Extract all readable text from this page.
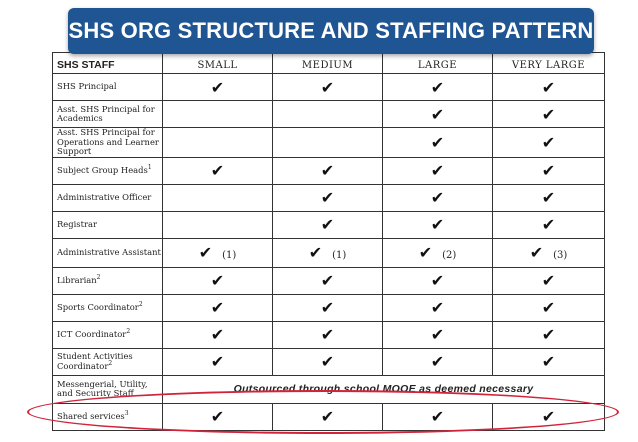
SHS ORG STRUCTURE AND STAFFING PATTERN
SHS STAFF	SMALL	MEDIUM	LARGE	VERY LARGE
SHS Principal	✔	✔	✔	✔
Asst. SHS Principal for Academics			✔	✔
Asst. SHS Principal for Operations and Learner Support			✔	✔
Subject Group Heads$^1$	✔	✔	✔	✔
Administrative Officer		✔	✔	✔
Registrar		✔	✔	✔
Administrative Assistant	✔ (1)	✔ (1)	✔ (2)	✔ (3)
Librarian$^2$	✔	✔	✔	✔
Sports Coordinator$^2$	✔	✔	✔	✔
ICT Coordinator$^2$	✔	✔	✔	✔
Student Activities Coordinator$^2$	✔	✔	✔	✔
Messengerial, Utility, and Security Staff	Outsourced through school MOOE as deemed necessary			
Shared services$^3$	✔	✔	✔	✔
